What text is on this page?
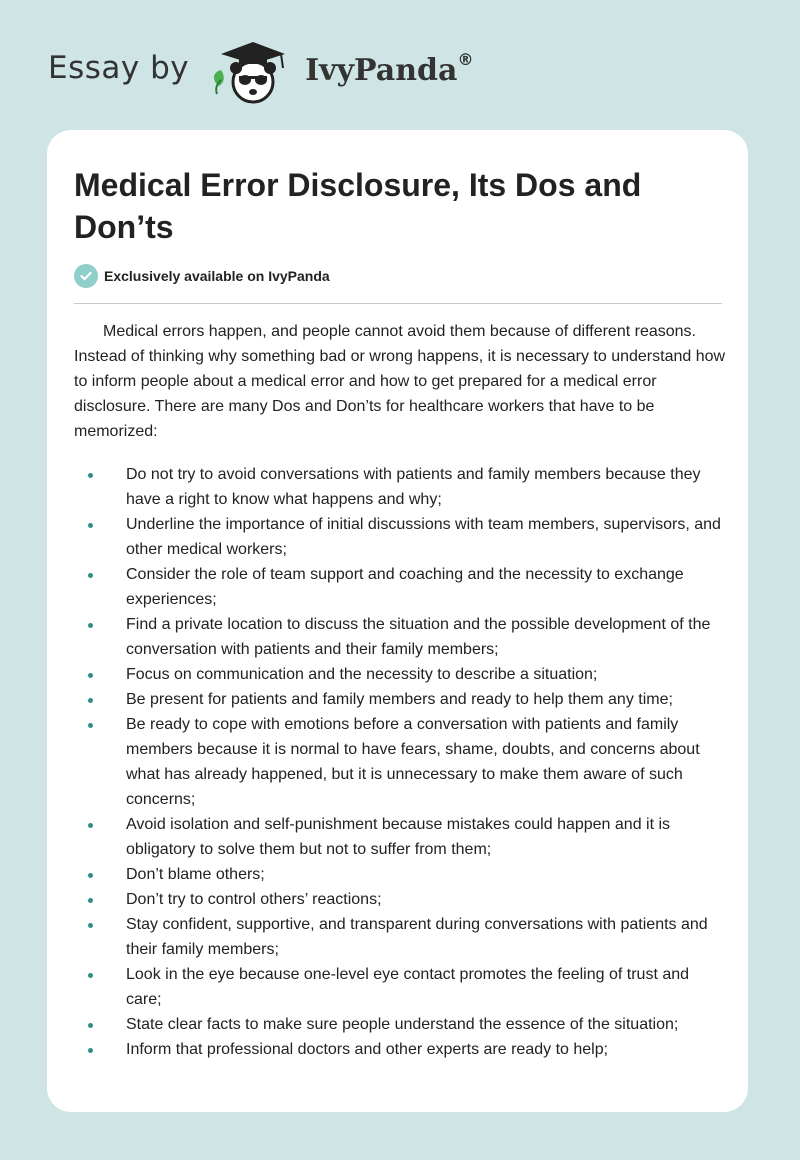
Essay by	IvyPanda®
Medical Error Disclosure, Its Dos and Don’ts
Exclusively available on IvyPanda

Medical errors happen, and people cannot avoid them because of different reasons. Instead of thinking why something bad or wrong happens, it is necessary to understand how to inform people about a medical error and how to get prepared for a medical error disclosure. There are many Dos and Don’ts for healthcare workers that have to be memorized:

Do not try to avoid conversations with patients and family members because they have a right to know what happens and why;
Underline the importance of initial discussions with team members, supervisors, and other medical workers;
Consider the role of team support and coaching and the necessity to exchange experiences;
Find a private location to discuss the situation and the possible development of the conversation with patients and their family members;
Focus on communication and the necessity to describe a situation;
Be present for patients and family members and ready to help them any time;
Be ready to cope with emotions before a conversation with patients and family members because it is normal to have fears, shame, doubts, and concerns about what has already happened, but it is unnecessary to make them aware of such concerns;
Avoid isolation and self-punishment because mistakes could happen and it is obligatory to solve them but not to suffer from them;
Don’t blame others;
Don’t try to control others’ reactions;
Stay confident, supportive, and transparent during conversations with patients and their family members;
Look in the eye because one-level eye contact promotes the feeling of trust and care;
State clear facts to make sure people understand the essence of the situation;
Inform that professional doctors and other experts are ready to help;
